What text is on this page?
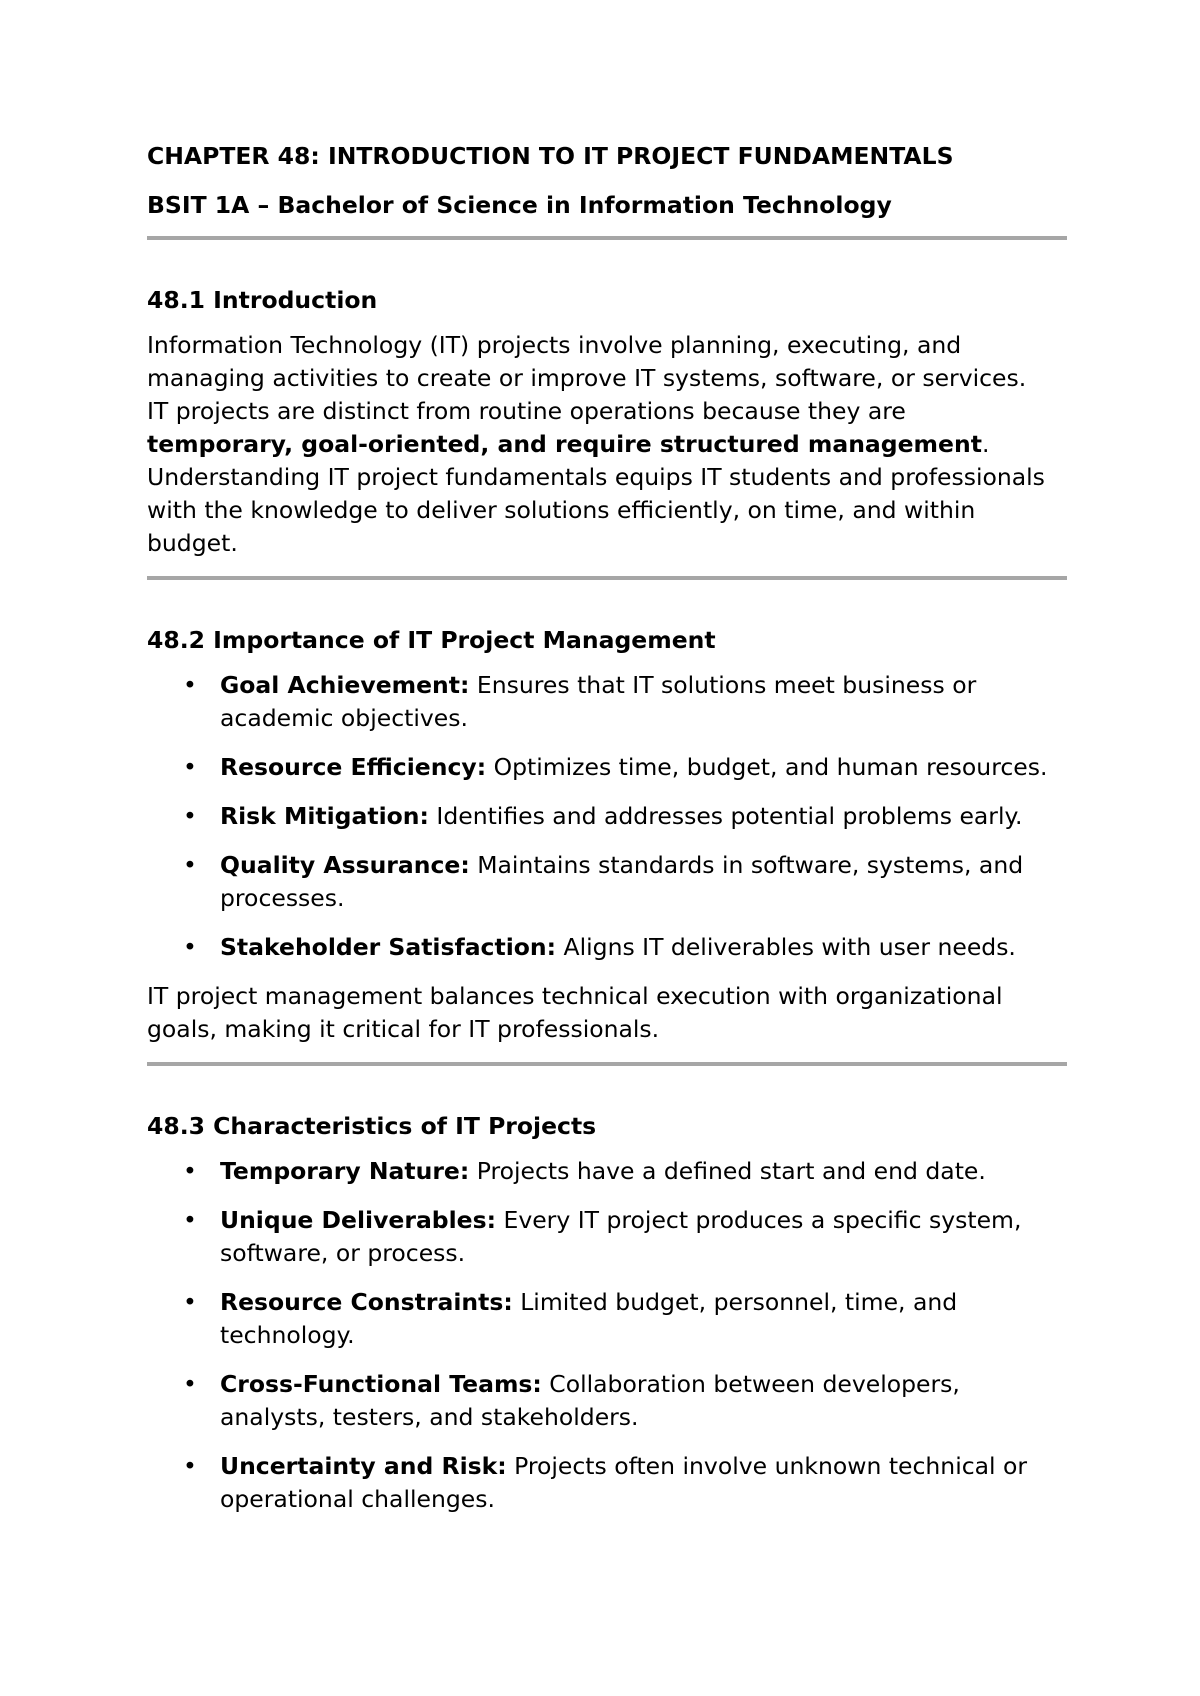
CHAPTER 48: INTRODUCTION TO IT PROJECT FUNDAMENTALS

BSIT 1A – Bachelor of Science in Information Technology

48.1 Introduction

Information Technology (IT) projects involve planning, executing, and managing activities to create or improve IT systems, software, or services. IT projects are distinct from routine operations because they are temporary, goal-oriented, and require structured management. Understanding IT project fundamentals equips IT students and professionals with the knowledge to deliver solutions efficiently, on time, and within budget.

48.2 Importance of IT Project Management

• Goal Achievement: Ensures that IT solutions meet business or academic objectives.
• Resource Efficiency: Optimizes time, budget, and human resources.
• Risk Mitigation: Identifies and addresses potential problems early.
• Quality Assurance: Maintains standards in software, systems, and processes.
• Stakeholder Satisfaction: Aligns IT deliverables with user needs.

IT project management balances technical execution with organizational goals, making it critical for IT professionals.

48.3 Characteristics of IT Projects

• Temporary Nature: Projects have a defined start and end date.
• Unique Deliverables: Every IT project produces a specific system, software, or process.
• Resource Constraints: Limited budget, personnel, time, and technology.
• Cross-Functional Teams: Collaboration between developers, analysts, testers, and stakeholders.
• Uncertainty and Risk: Projects often involve unknown technical or operational challenges.
